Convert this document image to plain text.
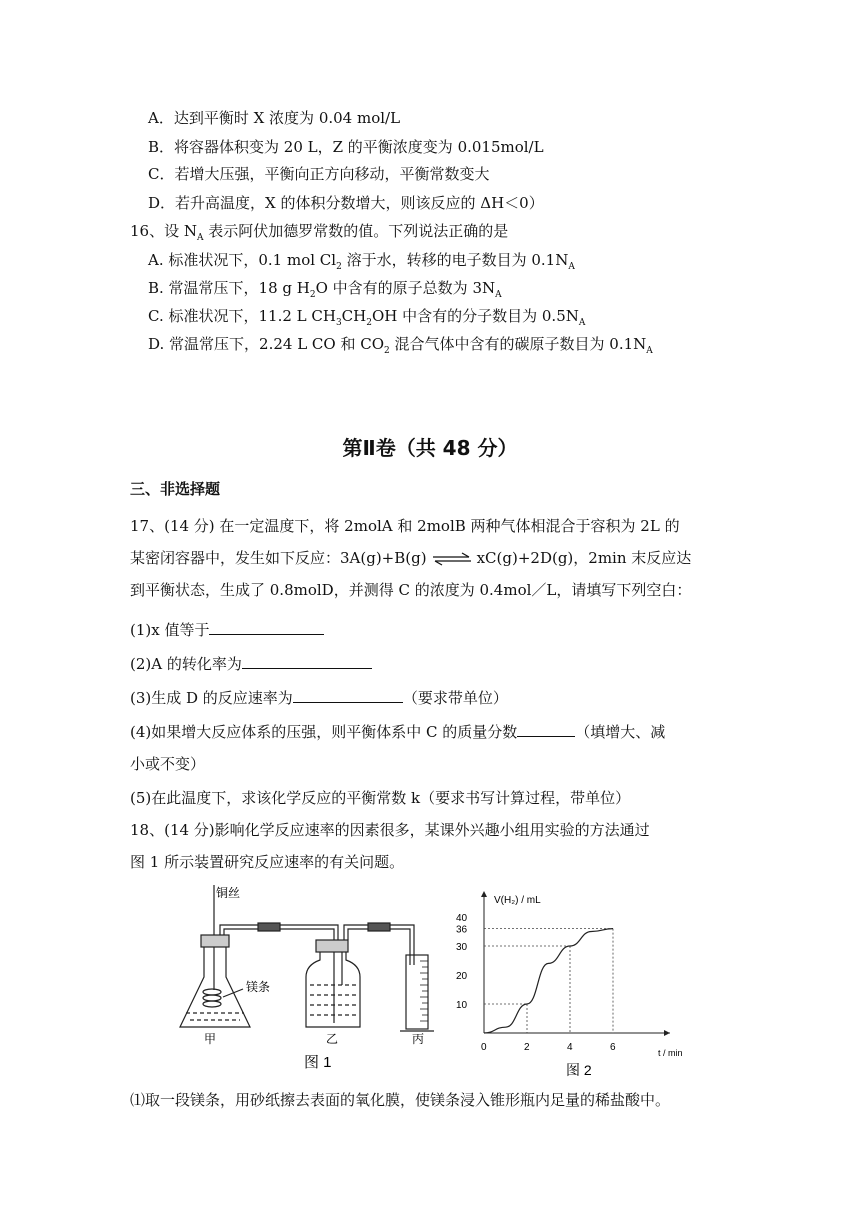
A．达到平衡时 X 浓度为 0.04 mol/L
B．将容器体积变为 20 L，Z 的平衡浓度变为 0.015mol/L
C．若增大压强，平衡向正方向移动，平衡常数变大
D．若升高温度，X 的体积分数增大，则该反应的 ΔH＜0）
16、设 $N_A$ 表示阿伏加德罗常数的值。下列说法正确的是
A. 标准状况下，0.1 mol $Cl_2$ 溶于水，转移的电子数目为 $0.1N_A$
B. 常温常压下，18 g $H_2O$ 中含有的原子总数为 $3N_A$
C. 标准状况下，11.2 L $CH_3CH_2OH$ 中含有的分子数目为 $0.5N_A$
D. 常温常压下，2.24 L CO 和 $CO_2$ 混合气体中含有的碳原子数目为 $0.1N_A$
第Ⅱ卷（共 48 分）
三、非选择题
17、(14 分) 在一定温度下，将 2molA 和 2molB 两种气体相混合于容积为 2L 的
某密闭容器中，发生如下反应：3A(g)+B(g) ⇌ xC(g)+2D(g)，2min 末反应达
到平衡状态，生成了 0.8molD，并测得 C 的浓度为 0.4mol／L，请填写下列空白：
(1)x 值等于
(2)A 的转化率为
(3)生成 D 的反应速率为	（要求带单位）
(4)如果增大反应体系的压强，则平衡体系中 C 的质量分数	（填增大、减
小或不变）
(5)在此温度下，求该化学反应的平衡常数 k（要求书写计算过程，带单位）
18、(14 分)影响化学反应速率的因素很多，某课外兴趣小组用实验的方法通过
图 1 所示装置研究反应速率的有关问题。
铜丝
镁条
甲	乙	丙
图 1
0	2	4	6
10
20
30
36
40
V(H₂) / mL
t / min
图 2
⑴取一段镁条，用砂纸擦去表面的氧化膜，使镁条浸入锥形瓶内足量的稀盐酸中。
